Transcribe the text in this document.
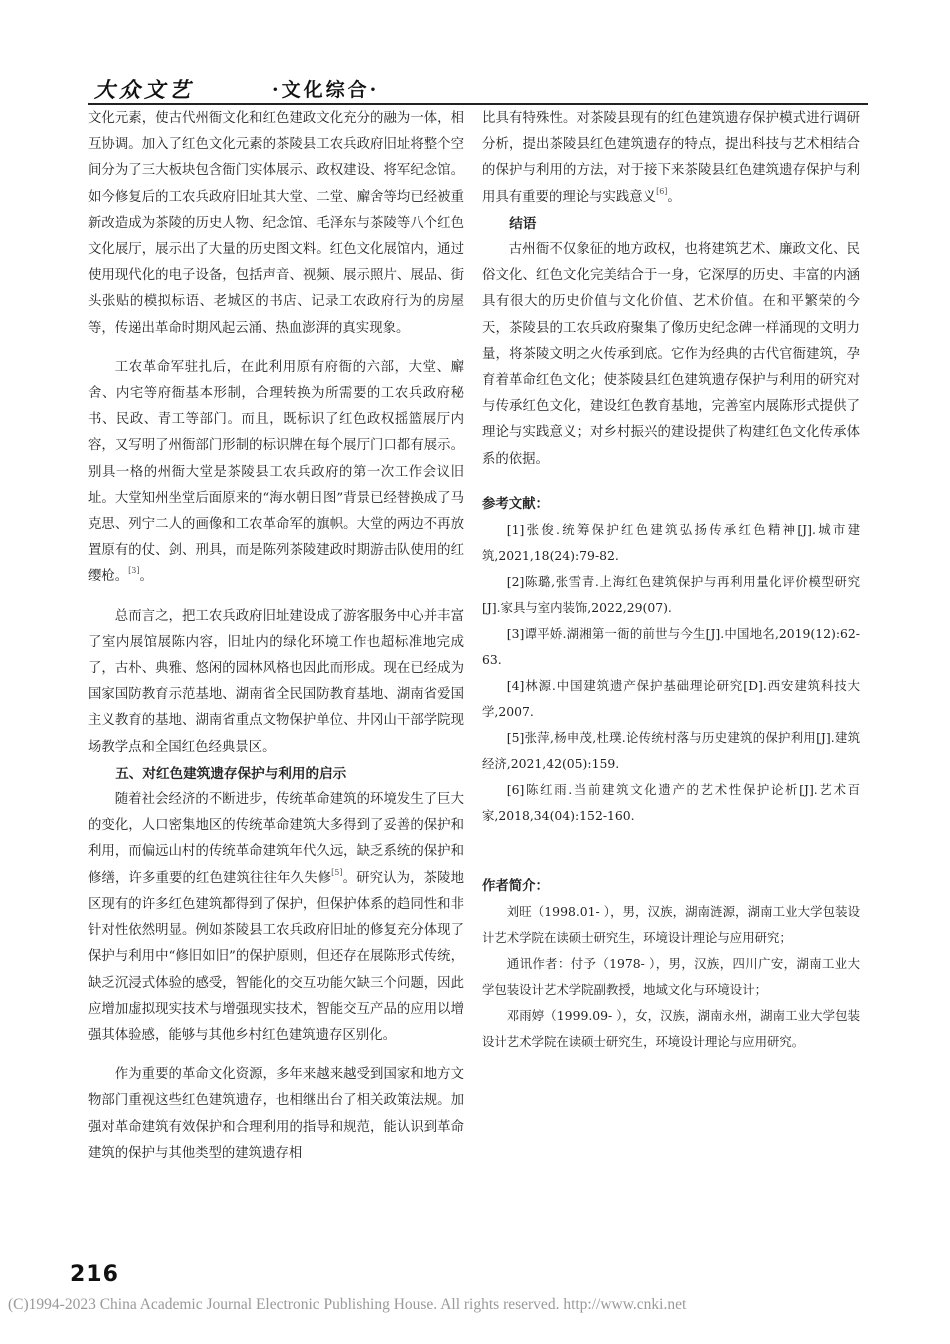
大众文艺	·文化综合·

文化元素，使古代州衙文化和红色建政文化充分的融为一体，相互协调。加入了红色文化元素的茶陵县工农兵政府旧址将整个空间分为了三大板块包含衙门实体展示、政权建设、将军纪念馆。如今修复后的工农兵政府旧址其大堂、二堂、廨舍等均已经被重新改造成为茶陵的历史人物、纪念馆、毛泽东与茶陵等八个红色文化展厅，展示出了大量的历史图文料。红色文化展馆内，通过使用现代化的电子设备，包括声音、视频、展示照片、展品、街头张贴的模拟标语、老城区的书店、记录工农政府行为的房屋等，传递出革命时期风起云涌、热血澎湃的真实现象。

工农革命军驻扎后，在此利用原有府衙的六部，大堂、廨舍、内宅等府衙基本形制，合理转换为所需要的工农兵政府秘书、民政、青工等部门。而且，既标识了红色政权摇篮展厅内容，又写明了州衙部门形制的标识牌在每个展厅门口都有展示。别具一格的州衙大堂是茶陵县工农兵政府的第一次工作会议旧址。大堂知州坐堂后面原来的“海水朝日图”背景已经替换成了马克思、列宁二人的画像和工农革命军的旗帜。大堂的两边不再放置原有的仗、剑、刑具，而是陈列茶陵建政时期游击队使用的红缨枪。[3]。

总而言之，把工农兵政府旧址建设成了游客服务中心并丰富了室内展馆展陈内容，旧址内的绿化环境工作也超标准地完成了，古朴、典雅、悠闲的园林风格也因此而形成。现在已经成为国家国防教育示范基地、湖南省全民国防教育基地、湖南省爱国主义教育的基地、湖南省重点文物保护单位、井冈山干部学院现场教学点和全国红色经典景区。

五、对红色建筑遗存保护与利用的启示

随着社会经济的不断进步，传统革命建筑的环境发生了巨大的变化，人口密集地区的传统革命建筑大多得到了妥善的保护和利用，而偏远山村的传统革命建筑年代久远，缺乏系统的保护和修缮，许多重要的红色建筑往往年久失修[5]。研究认为，茶陵地区现有的许多红色建筑都得到了保护，但保护体系的趋同性和非针对性依然明显。例如茶陵县工农兵政府旧址的修复充分体现了保护与利用中“修旧如旧”的保护原则，但还存在展陈形式传统，缺乏沉浸式体验的感受，智能化的交互功能欠缺三个问题，因此应增加虚拟现实技术与增强现实技术，智能交互产品的应用以增强其体验感，能够与其他乡村红色建筑遗存区别化。

作为重要的革命文化资源，多年来越来越受到国家和地方文物部门重视这些红色建筑遗存，也相继出台了相关政策法规。加强对革命建筑有效保护和合理利用的指导和规范，能认识到革命建筑的保护与其他类型的建筑遗存相

比具有特殊性。对茶陵县现有的红色建筑遗存保护模式进行调研分析，提出茶陵县红色建筑遗存的特点，提出科技与艺术相结合的保护与利用的方法，对于接下来茶陵县红色建筑遗存保护与利用具有重要的理论与实践意义[6]。

结语

古州衙不仅象征的地方政权，也将建筑艺术、廉政文化、民俗文化、红色文化完美结合于一身，它深厚的历史、丰富的内涵具有很大的历史价值与文化价值、艺术价值。在和平繁荣的今天，茶陵县的工农兵政府聚集了像历史纪念碑一样涌现的文明力量，将茶陵文明之火传承到底。它作为经典的古代官衙建筑，孕育着革命红色文化；使茶陵县红色建筑遗存保护与利用的研究对与传承红色文化，建设红色教育基地，完善室内展陈形式提供了理论与实践意义；对乡村振兴的建设提供了构建红色文化传承体系的依据。

参考文献：

[1]张俊.统筹保护红色建筑弘扬传承红色精神[J].城市建筑,2021,18(24):79-82.

[2]陈璐,张雪青.上海红色建筑保护与再利用量化评价模型研究[J].家具与室内装饰,2022,29(07).

[3]谭平娇.湖湘第一衙的前世与今生[J].中国地名,2019(12):62-63.

[4]林源.中国建筑遗产保护基础理论研究[D].西安建筑科技大学,2007.

[5]张萍,杨申茂,杜璞.论传统村落与历史建筑的保护利用[J].建筑经济,2021,42(05):159.

[6]陈红雨.当前建筑文化遗产的艺术性保护论析[J].艺术百家,2018,34(04):152-160.

作者简介：

刘旺（1998.01- ），男，汉族，湖南涟源，湖南工业大学包装设计艺术学院在读硕士研究生，环境设计理论与应用研究；

通讯作者：付予（1978- ），男，汉族，四川广安，湖南工业大学包装设计艺术学院副教授，地域文化与环境设计；

邓雨婷（1999.09- ），女，汉族，湖南永州，湖南工业大学包装设计艺术学院在读硕士研究生，环境设计理论与应用研究。

216
(C)1994-2023 China Academic Journal Electronic Publishing House. All rights reserved. http://www.cnki.net
